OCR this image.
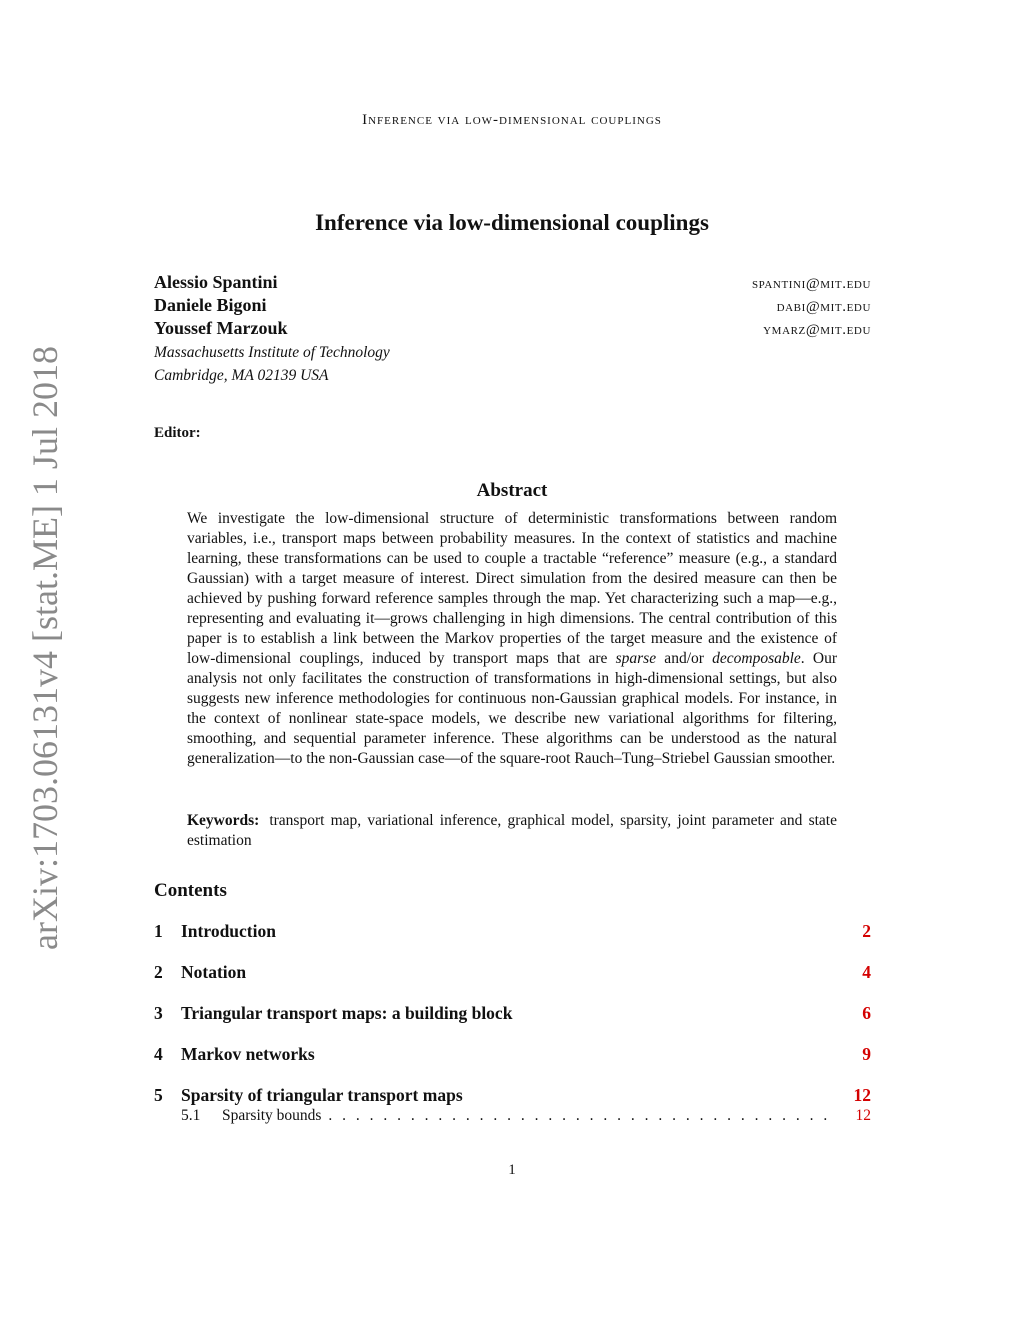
Inference via low-dimensional couplings
arXiv:1703.06131v4 [stat.ME] 1 Jul 2018
Inference via low-dimensional couplings
Alessio Spantini	spantini@mit.edu
Daniele Bigoni	dabi@mit.edu
Youssef Marzouk	ymarz@mit.edu
Massachusetts Institute of Technology
Cambridge, MA 02139 USA
Editor:
Abstract
We investigate the low-dimensional structure of deterministic transformations between random variables, i.e., transport maps between probability measures. In the context of statistics and machine learning, these transformations can be used to couple a tractable “reference” measure (e.g., a standard Gaussian) with a target measure of interest. Direct simulation from the desired measure can then be achieved by pushing forward reference samples through the map. Yet characterizing such a map—e.g., representing and evaluating it—grows challenging in high dimensions. The central contribution of this paper is to establish a link between the Markov properties of the target measure and the existence of low-dimensional couplings, induced by transport maps that are sparse and/or decomposable. Our analysis not only facilitates the construction of transformations in high-dimensional settings, but also suggests new inference methodologies for continuous non-Gaussian graphical models. For instance, in the context of nonlinear state-space models, we describe new variational algorithms for filtering, smoothing, and sequential parameter inference. These algorithms can be understood as the natural generalization—to the non-Gaussian case—of the square-root Rauch–Tung–Striebel Gaussian smoother.
Keywords: transport map, variational inference, graphical model, sparsity, joint parameter and state estimation
Contents
1	Introduction	2
2	Notation	4
3	Triangular transport maps: a building block	6
4	Markov networks	9
5	Sparsity of triangular transport maps	12
5.1	Sparsity bounds . . .	12
1
